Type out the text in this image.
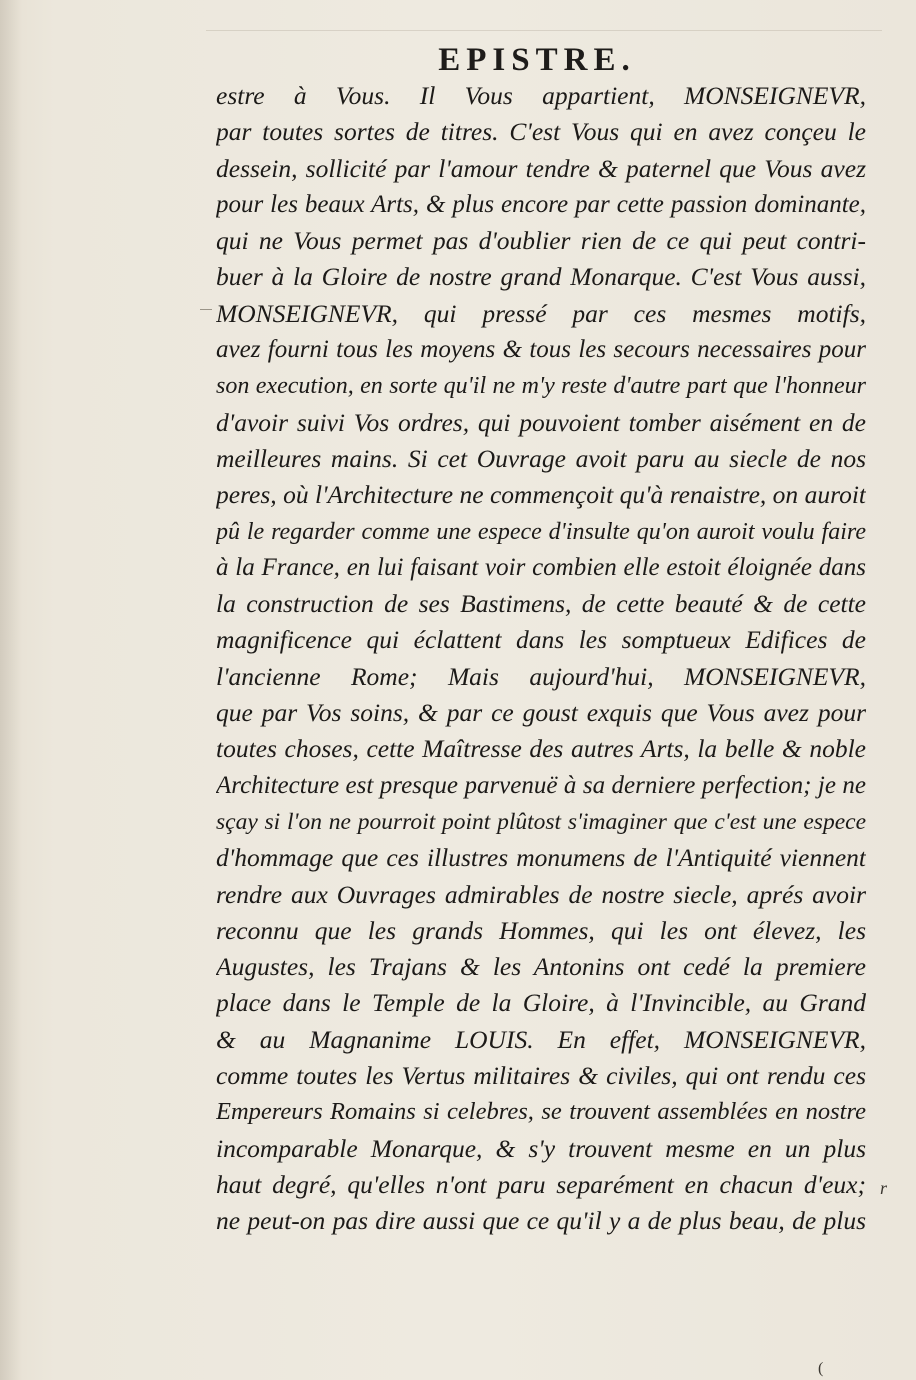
EPISTRE.
estre à Vous. Il Vous appartient, MONSEIGNEVR,
par toutes sortes de titres. C'est Vous qui en avez conçeu le
dessein, sollicité par l'amour tendre & paternel que Vous avez
pour les beaux Arts, & plus encore par cette passion dominante,
qui ne Vous permet pas d'oublier rien de ce qui peut contri-
buer à la Gloire de nostre grand Monarque. C'est Vous aussi,
MONSEIGNEVR, qui pressé par ces mesmes motifs,
avez fourni tous les moyens & tous les secours necessaires pour
son execution, en sorte qu'il ne m'y reste d'autre part que l'honneur
d'avoir suivi Vos ordres, qui pouvoient tomber aisément en de
meilleures mains. Si cet Ouvrage avoit paru au siecle de nos
peres, où l'Architecture ne commençoit qu'à renaistre, on auroit
pû le regarder comme une espece d'insulte qu'on auroit voulu faire
à la France, en lui faisant voir combien elle estoit éloignée dans
la construction de ses Bastimens, de cette beauté & de cette
magnificence qui éclattent dans les somptueux Edifices de
l'ancienne Rome; Mais aujourd'hui, MONSEIGNEVR,
que par Vos soins, & par ce goust exquis que Vous avez pour
toutes choses, cette Maîtresse des autres Arts, la belle & noble
Architecture est presque parvenuë à sa derniere perfection; je ne
sçay si l'on ne pourroit point plûtost s'imaginer que c'est une espece
d'hommage que ces illustres monumens de l'Antiquité viennent
rendre aux Ouvrages admirables de nostre siecle, aprés avoir
reconnu que les grands Hommes, qui les ont élevez, les
Augustes, les Trajans & les Antonins ont cedé la premiere
place dans le Temple de la Gloire, à l'Invincible, au Grand
& au Magnanime LOUIS. En effet, MONSEIGNEVR,
comme toutes les Vertus militaires & civiles, qui ont rendu ces
Empereurs Romains si celebres, se trouvent assemblées en nostre
incomparable Monarque, & s'y trouvent mesme en un plus
haut degré, qu'elles n'ont paru separément en chacun d'eux;
ne peut-on pas dire aussi que ce qu'il y a de plus beau, de plus
r
(
